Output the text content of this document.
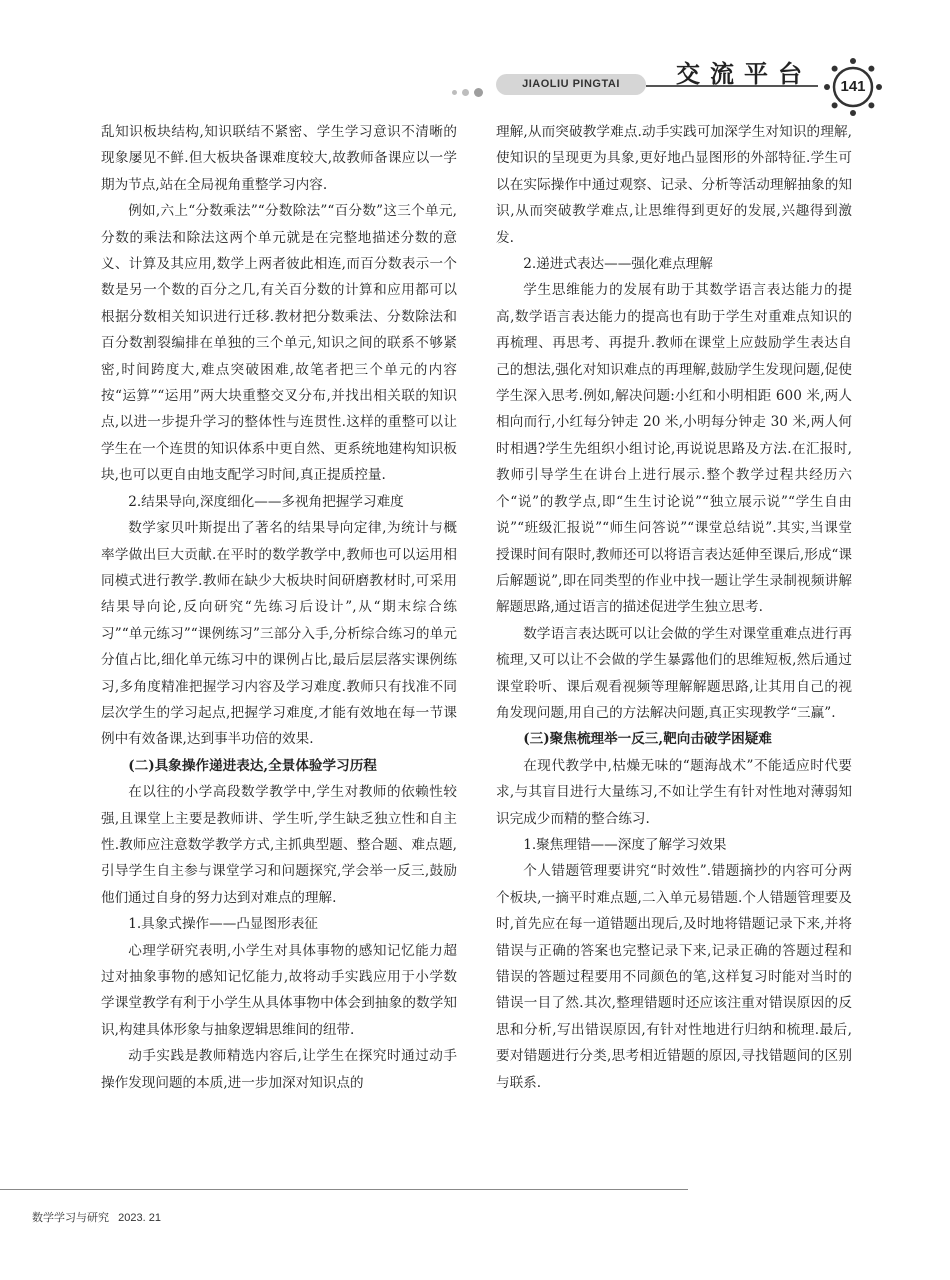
JIAOLIU PINGTAI	交流平台	141

乱知识板块结构,知识联结不紧密、学生学习意识不清晰的现象屡见不鲜.但大板块备课难度较大,故教师备课应以一学期为节点,站在全局视角重整学习内容.

例如,六上“分数乘法”“分数除法”“百分数”这三个单元,分数的乘法和除法这两个单元就是在完整地描述分数的意义、计算及其应用,数学上两者彼此相连,而百分数表示一个数是另一个数的百分之几,有关百分数的计算和应用都可以根据分数相关知识进行迁移.教材把分数乘法、分数除法和百分数割裂编排在单独的三个单元,知识之间的联系不够紧密,时间跨度大,难点突破困难,故笔者把三个单元的内容按“运算”“运用”两大块重整交叉分布,并找出相关联的知识点,以进一步提升学习的整体性与连贯性.这样的重整可以让学生在一个连贯的知识体系中更自然、更系统地建构知识板块,也可以更自由地支配学习时间,真正提质控量.

2.结果导向,深度细化——多视角把握学习难度

数学家贝叶斯提出了著名的结果导向定律,为统计与概率学做出巨大贡献.在平时的数学教学中,教师也可以运用相同模式进行教学.教师在缺少大板块时间研磨教材时,可采用结果导向论,反向研究“先练习后设计”,从“期末综合练习”“单元练习”“课例练习”三部分入手,分析综合练习的单元分值占比,细化单元练习中的课例占比,最后层层落实课例练习,多角度精准把握学习内容及学习难度.教师只有找准不同层次学生的学习起点,把握学习难度,才能有效地在每一节课例中有效备课,达到事半功倍的效果.

(二)具象操作递进表达,全景体验学习历程

在以往的小学高段数学教学中,学生对教师的依赖性较强,且课堂上主要是教师讲、学生听,学生缺乏独立性和自主性.教师应注意数学教学方式,主抓典型题、整合题、难点题,引导学生自主参与课堂学习和问题探究,学会举一反三,鼓励他们通过自身的努力达到对难点的理解.

1.具象式操作——凸显图形表征

心理学研究表明,小学生对具体事物的感知记忆能力超过对抽象事物的感知记忆能力,故将动手实践应用于小学数学课堂教学有利于小学生从具体事物中体会到抽象的数学知识,构建具体形象与抽象逻辑思维间的纽带.

动手实践是教师精选内容后,让学生在探究时通过动手操作发现问题的本质,进一步加深对知识点的

理解,从而突破教学难点.动手实践可加深学生对知识的理解,使知识的呈现更为具象,更好地凸显图形的外部特征.学生可以在实际操作中通过观察、记录、分析等活动理解抽象的知识,从而突破教学难点,让思维得到更好的发展,兴趣得到激发.

2.递进式表达——强化难点理解

学生思维能力的发展有助于其数学语言表达能力的提高,数学语言表达能力的提高也有助于学生对重难点知识的再梳理、再思考、再提升.教师在课堂上应鼓励学生表达自己的想法,强化对知识难点的再理解,鼓励学生发现问题,促使学生深入思考.例如,解决问题:小红和小明相距 600 米,两人相向而行,小红每分钟走 20 米,小明每分钟走 30 米,两人何时相遇?学生先组织小组讨论,再说说思路及方法.在汇报时,教师引导学生在讲台上进行展示.整个教学过程共经历六个“说”的教学点,即“生生讨论说”“独立展示说”“学生自由说”“班级汇报说”“师生问答说”“课堂总结说”.其实,当课堂授课时间有限时,教师还可以将语言表达延伸至课后,形成“课后解题说”,即在同类型的作业中找一题让学生录制视频讲解解题思路,通过语言的描述促进学生独立思考.

数学语言表达既可以让会做的学生对课堂重难点进行再梳理,又可以让不会做的学生暴露他们的思维短板,然后通过课堂聆听、课后观看视频等理解解题思路,让其用自己的视角发现问题,用自己的方法解决问题,真正实现教学“三赢”.

(三)聚焦梳理举一反三,靶向击破学困疑难

在现代教学中,枯燥无味的“题海战术”不能适应时代要求,与其盲目进行大量练习,不如让学生有针对性地对薄弱知识完成少而精的整合练习.

1.聚焦理错——深度了解学习效果

个人错题管理要讲究“时效性”.错题摘抄的内容可分两个板块,一摘平时难点题,二入单元易错题.个人错题管理要及时,首先应在每一道错题出现后,及时地将错题记录下来,并将错误与正确的答案也完整记录下来,记录正确的答题过程和错误的答题过程要用不同颜色的笔,这样复习时能对当时的错误一目了然.其次,整理错题时还应该注重对错误原因的反思和分析,写出错误原因,有针对性地进行归纳和梳理.最后,要对错题进行分类,思考相近错题的原因,寻找错题间的区别与联系.

数学学习与研究 2023. 21
